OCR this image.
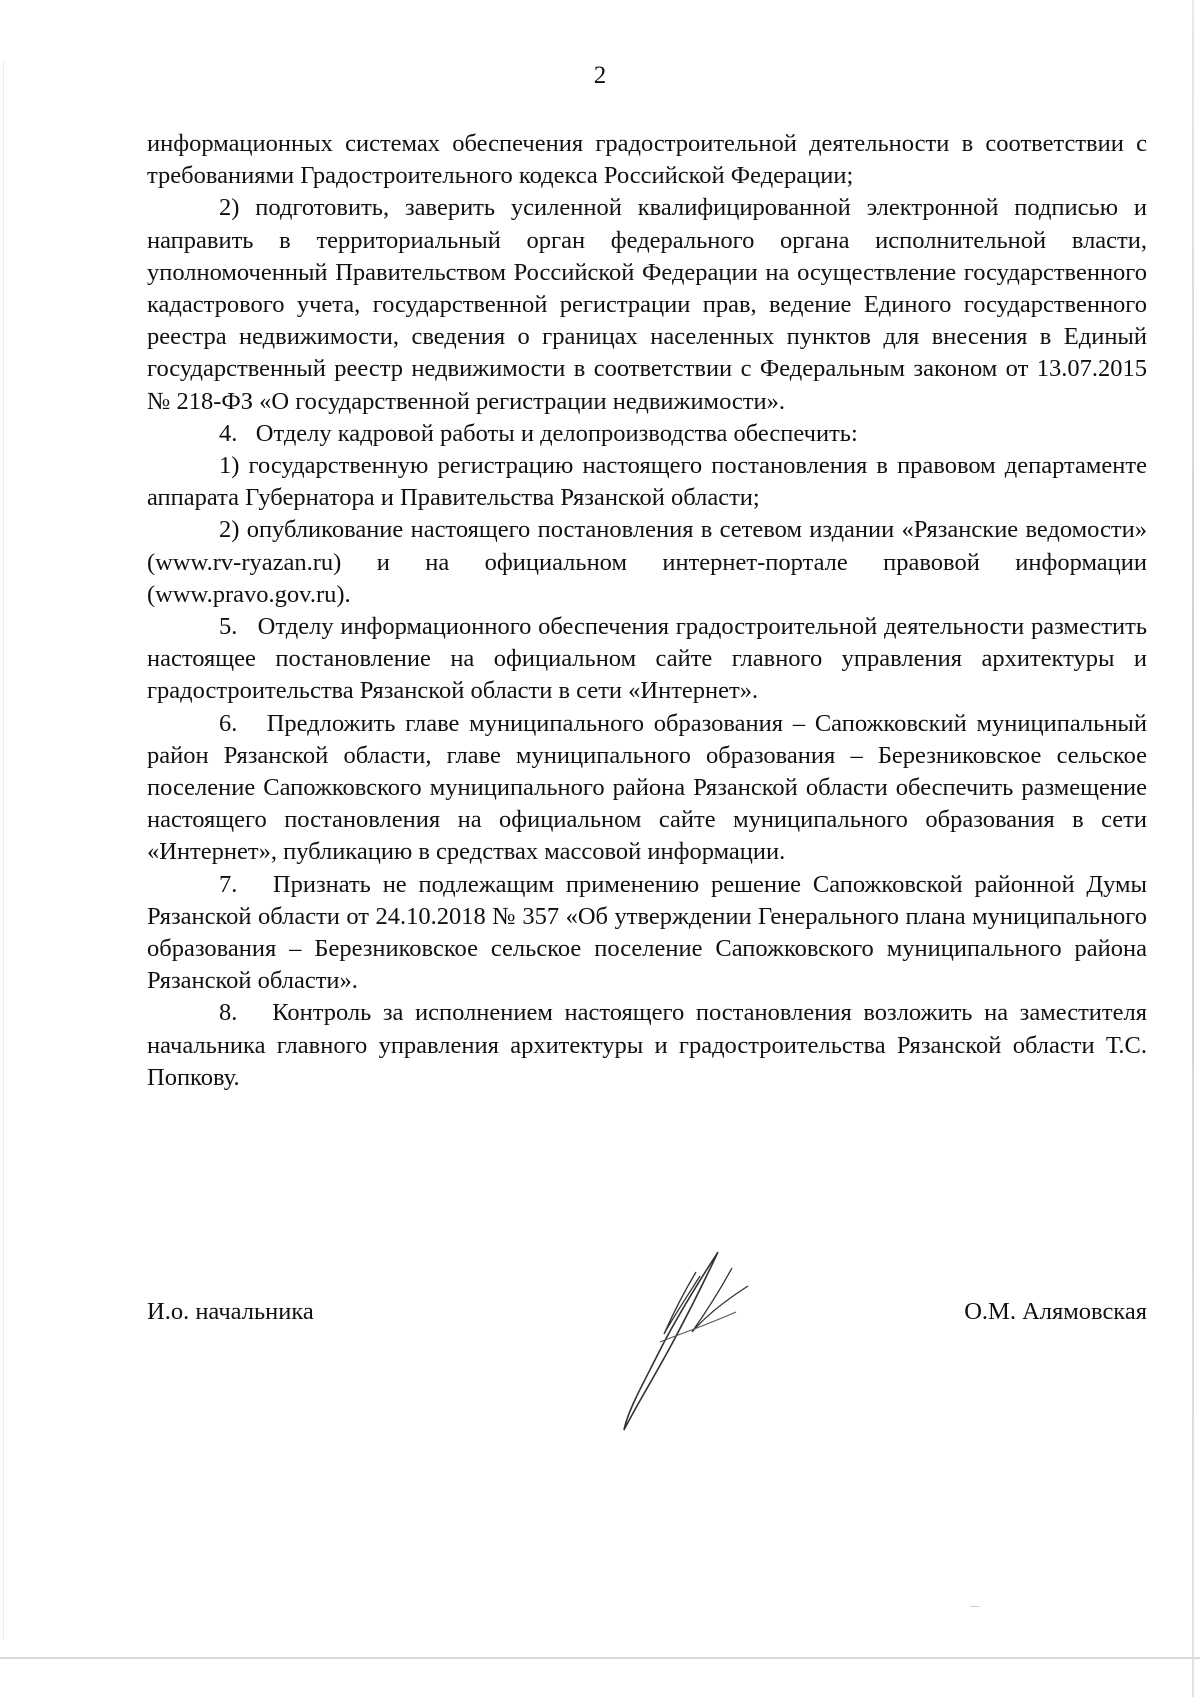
2

информационных системах обеспечения градостроительной деятельности в соответствии с требованиями Градостроительного кодекса Российской Федерации;

2) подготовить, заверить усиленной квалифицированной электронной подписью и направить в территориальный орган федерального органа исполнительной власти, уполномоченный Правительством Российской Федерации на осуществление государственного кадастрового учета, государственной регистрации прав, ведение Единого государственного реестра недвижимости, сведения о границах населенных пунктов для внесения в Единый государственный реестр недвижимости в соответствии с Федеральным законом от 13.07.2015 № 218-ФЗ «О государственной регистрации недвижимости».

4.   Отделу кадровой работы и делопроизводства обеспечить:

1) государственную регистрацию настоящего постановления в правовом департаменте аппарата Губернатора и Правительства Рязанской области;

2) опубликование настоящего постановления в сетевом издании «Рязанские ведомости» (www.rv-ryazan.ru) и на официальном интернет-портале правовой информации (www.pravo.gov.ru).

5.   Отделу информационного обеспечения градостроительной деятельности разместить настоящее постановление на официальном сайте главного управления архитектуры и градостроительства Рязанской области в сети «Интернет».

6.   Предложить главе муниципального образования – Сапожковский муниципальный район Рязанской области, главе муниципального образования – Березниковское сельское поселение Сапожковского муниципального района Рязанской области обеспечить размещение настоящего постановления на официальном сайте муниципального образования в сети «Интернет», публикацию в средствах массовой информации.

7.   Признать не подлежащим применению решение Сапожковской районной Думы Рязанской области от 24.10.2018 № 357 «Об утверждении Генерального плана муниципального образования – Березниковское сельское поселение Сапожковского муниципального района Рязанской области».

8.   Контроль за исполнением настоящего постановления возложить на заместителя начальника главного управления архитектуры и градостроительства Рязанской области Т.С. Попкову.

И.о. начальника	О.М. Алямовская
